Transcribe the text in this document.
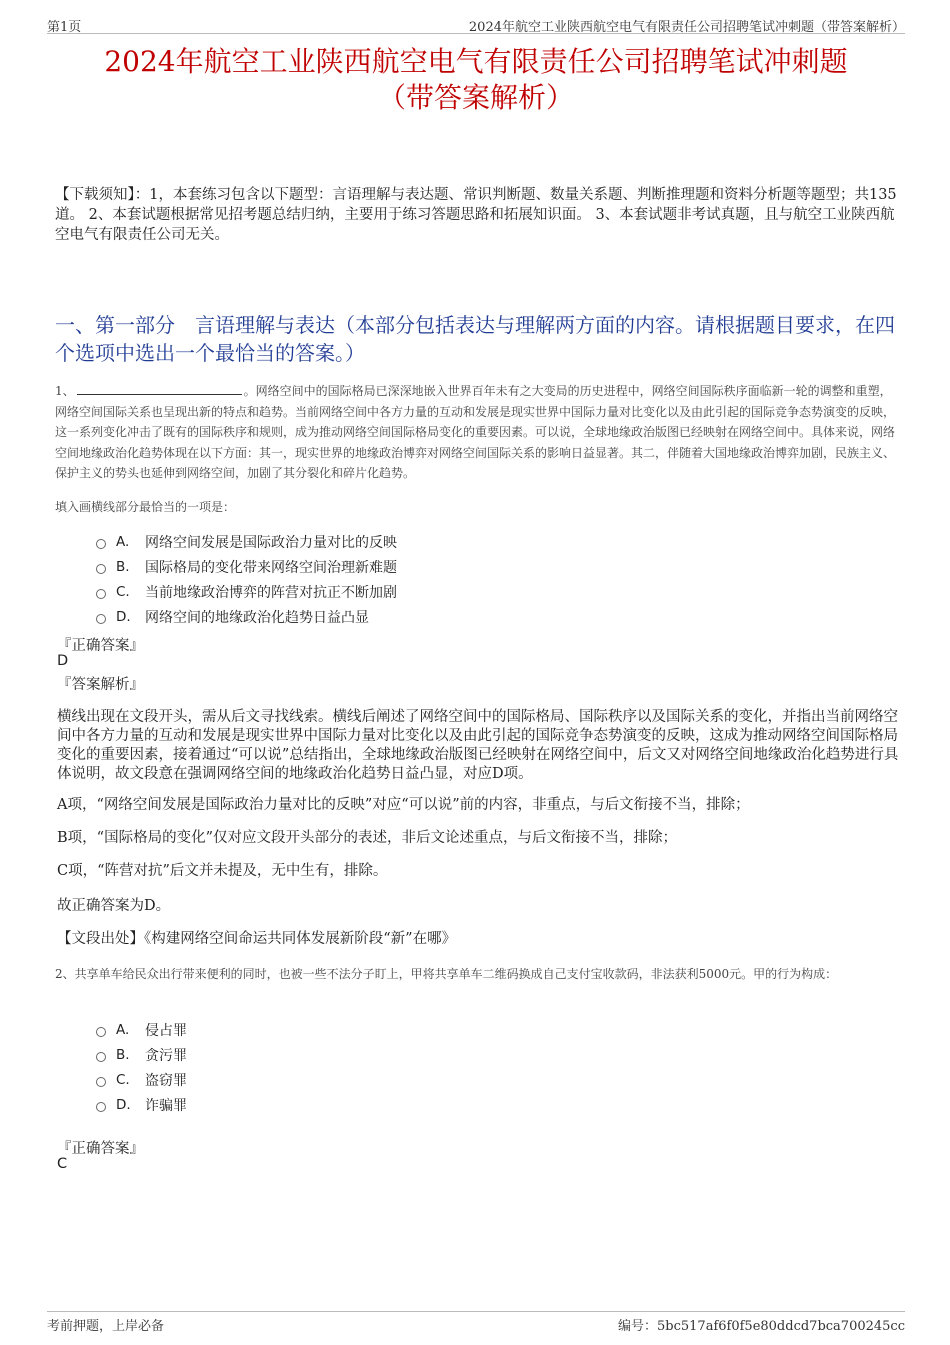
第1页	2024年航空工业陕西航空电气有限责任公司招聘笔试冲刺题（带答案解析）
2024年航空工业陕西航空电气有限责任公司招聘笔试冲刺题
（带答案解析）
【下载须知】：1，本套练习包含以下题型：言语理解与表达题、常识判断题、数量关系题、判断推理题和资料分析题等题型；共135道。 2、本套试题根据常见招考题总结归纳，主要用于练习答题思路和拓展知识面。 3、本套试题非考试真题，且与航空工业陕西航空电气有限责任公司无关。
一、第一部分　言语理解与表达（本部分包括表达与理解两方面的内容。请根据题目要求，在四个选项中选出一个最恰当的答案。）
1、	。网络空间中的国际格局已深深地嵌入世界百年未有之大变局的历史进程中，网络空间国际秩序面临新一轮的调整和重塑，网络空间国际关系也呈现出新的特点和趋势。当前网络空间中各方力量的互动和发展是现实世界中国际力量对比变化以及由此引起的国际竞争态势演变的反映，这一系列变化冲击了既有的国际秩序和规则，成为推动网络空间国际格局变化的重要因素。可以说，全球地缘政治版图已经映射在网络空间中。具体来说，网络空间地缘政治化趋势体现在以下方面：其一，现实世界的地缘政治博弈对网络空间国际关系的影响日益显著。其二，伴随着大国地缘政治博弈加剧，民族主义、保护主义的势头也延伸到网络空间，加剧了其分裂化和碎片化趋势。
填入画横线部分最恰当的一项是：
A.	网络空间发展是国际政治力量对比的反映
B.	国际格局的变化带来网络空间治理新难题
C.	当前地缘政治博弈的阵营对抗正不断加剧
D.	网络空间的地缘政治化趋势日益凸显
『正确答案』
D
『答案解析』
横线出现在文段开头，需从后文寻找线索。横线后阐述了网络空间中的国际格局、国际秩序以及国际关系的变化，并指出当前网络空间中各方力量的互动和发展是现实世界中国际力量对比变化以及由此引起的国际竞争态势演变的反映，这成为推动网络空间国际格局变化的重要因素，接着通过“可以说”总结指出，全球地缘政治版图已经映射在网络空间中，后文又对网络空间地缘政治化趋势进行具体说明，故文段意在强调网络空间的地缘政治化趋势日益凸显，对应D项。
A项，“网络空间发展是国际政治力量对比的反映”对应“可以说”前的内容，非重点，与后文衔接不当，排除；
B项，“国际格局的变化”仅对应文段开头部分的表述，非后文论述重点，与后文衔接不当，排除；
C项，“阵营对抗”后文并未提及，无中生有，排除。
故正确答案为D。
【文段出处】《构建网络空间命运共同体发展新阶段“新”在哪》
2、共享单车给民众出行带来便利的同时，也被一些不法分子盯上，甲将共享单车二维码换成自己支付宝收款码，非法获利5000元。甲的行为构成：
A.	侵占罪
B.	贪污罪
C.	盗窃罪
D.	诈骗罪
『正确答案』
C
考前押题，上岸必备	编号：5bc517af6f0f5e80ddcd7bca700245cc
